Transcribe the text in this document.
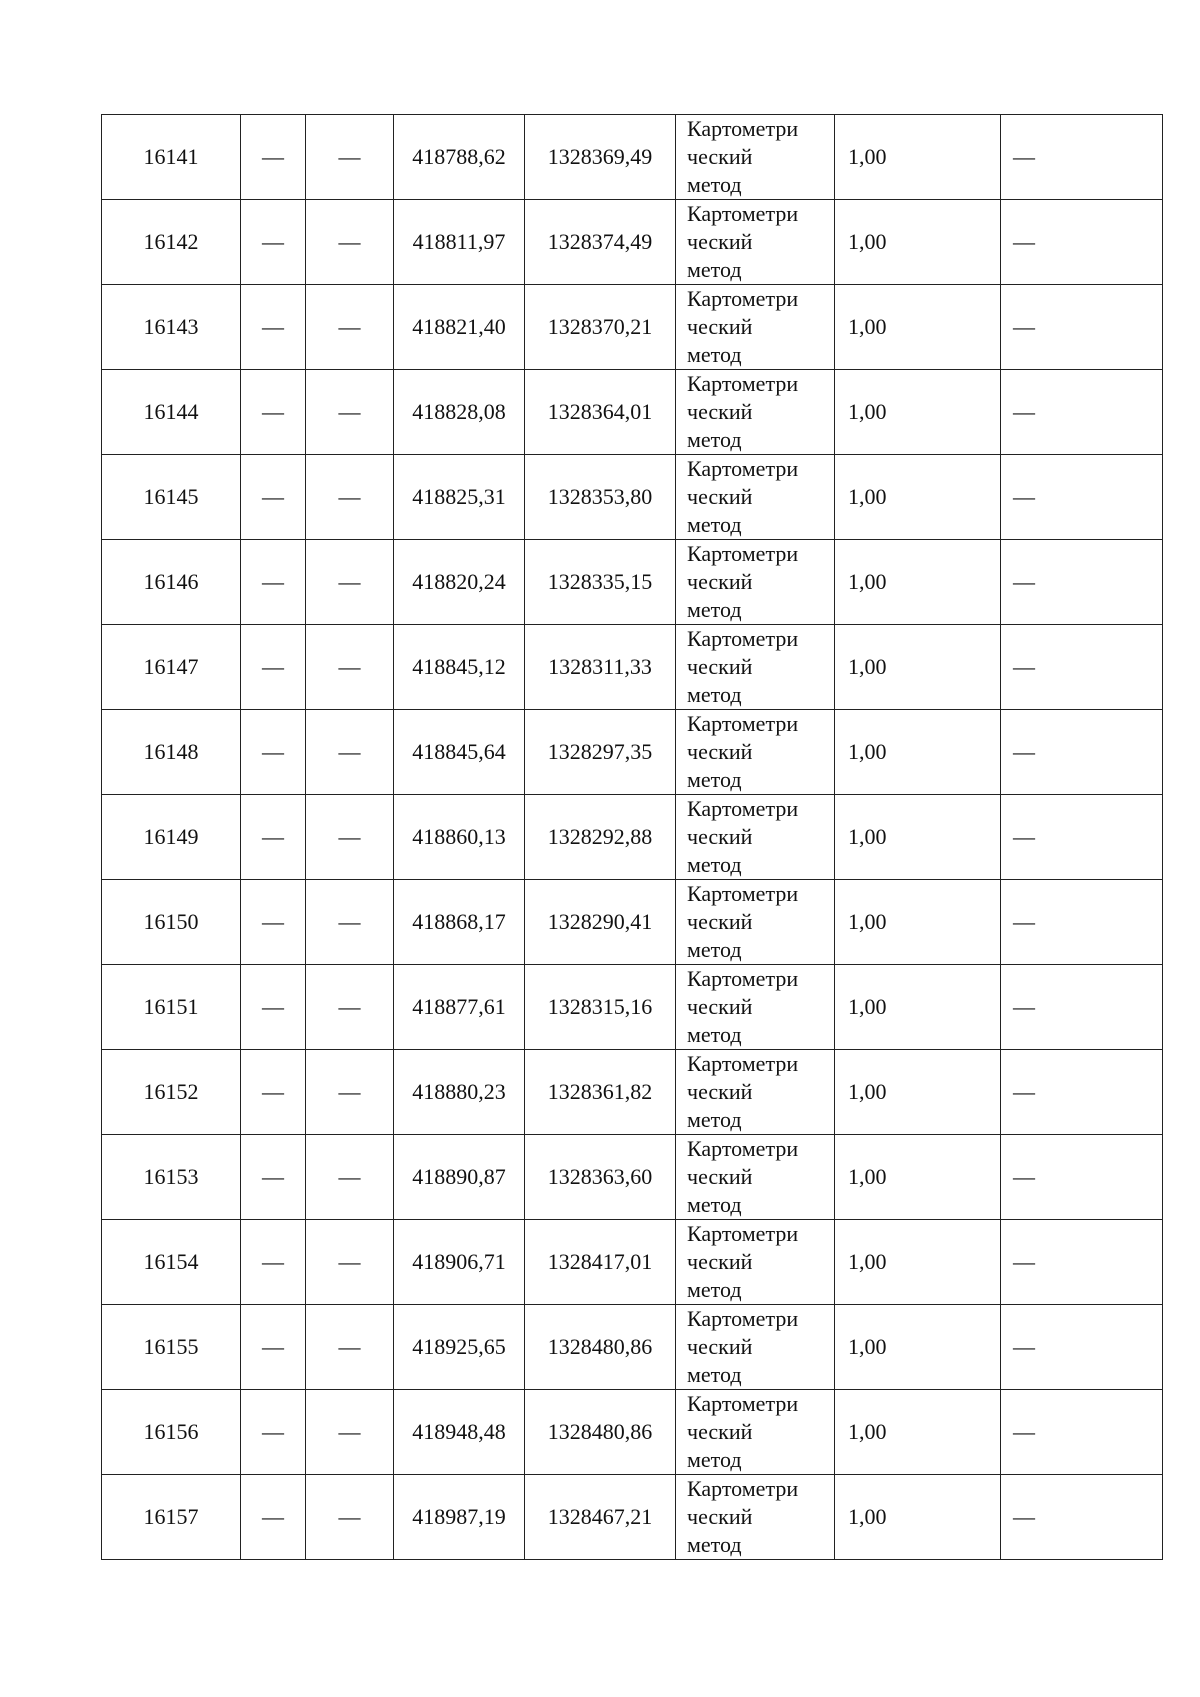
16141	—	—	418788,62	1328369,49	Картометри
ческий
метод	1,00	—
16142	—	—	418811,97	1328374,49	Картометри
ческий
метод	1,00	—
16143	—	—	418821,40	1328370,21	Картометри
ческий
метод	1,00	—
16144	—	—	418828,08	1328364,01	Картометри
ческий
метод	1,00	—
16145	—	—	418825,31	1328353,80	Картометри
ческий
метод	1,00	—
16146	—	—	418820,24	1328335,15	Картометри
ческий
метод	1,00	—
16147	—	—	418845,12	1328311,33	Картометри
ческий
метод	1,00	—
16148	—	—	418845,64	1328297,35	Картометри
ческий
метод	1,00	—
16149	—	—	418860,13	1328292,88	Картометри
ческий
метод	1,00	—
16150	—	—	418868,17	1328290,41	Картометри
ческий
метод	1,00	—
16151	—	—	418877,61	1328315,16	Картометри
ческий
метод	1,00	—
16152	—	—	418880,23	1328361,82	Картометри
ческий
метод	1,00	—
16153	—	—	418890,87	1328363,60	Картометри
ческий
метод	1,00	—
16154	—	—	418906,71	1328417,01	Картометри
ческий
метод	1,00	—
16155	—	—	418925,65	1328480,86	Картометри
ческий
метод	1,00	—
16156	—	—	418948,48	1328480,86	Картометри
ческий
метод	1,00	—
16157	—	—	418987,19	1328467,21	Картометри
ческий
метод	1,00	—
